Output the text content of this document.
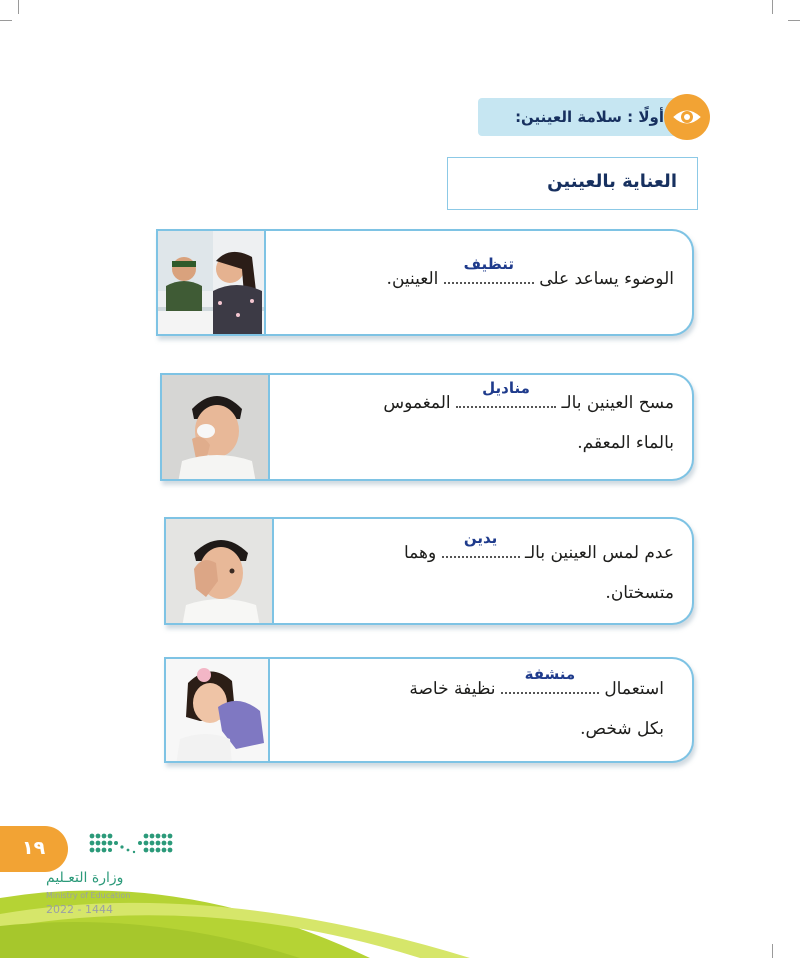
أولًا : سلامة العينين:
العناية بالعينين
الوضوء يساعد على
تنظيف
العينين.
مسح العينين بالـ
مناديل
المغموس
بالماء المعقم.
عدم لمس العينين بالـ
يدين
وهما
متسختان.
استعمال
منشفة
نظيفة خاصة
بكل شخص.
١٩
وزارة التعـليم
Ministry of Education
2022 - 1444
